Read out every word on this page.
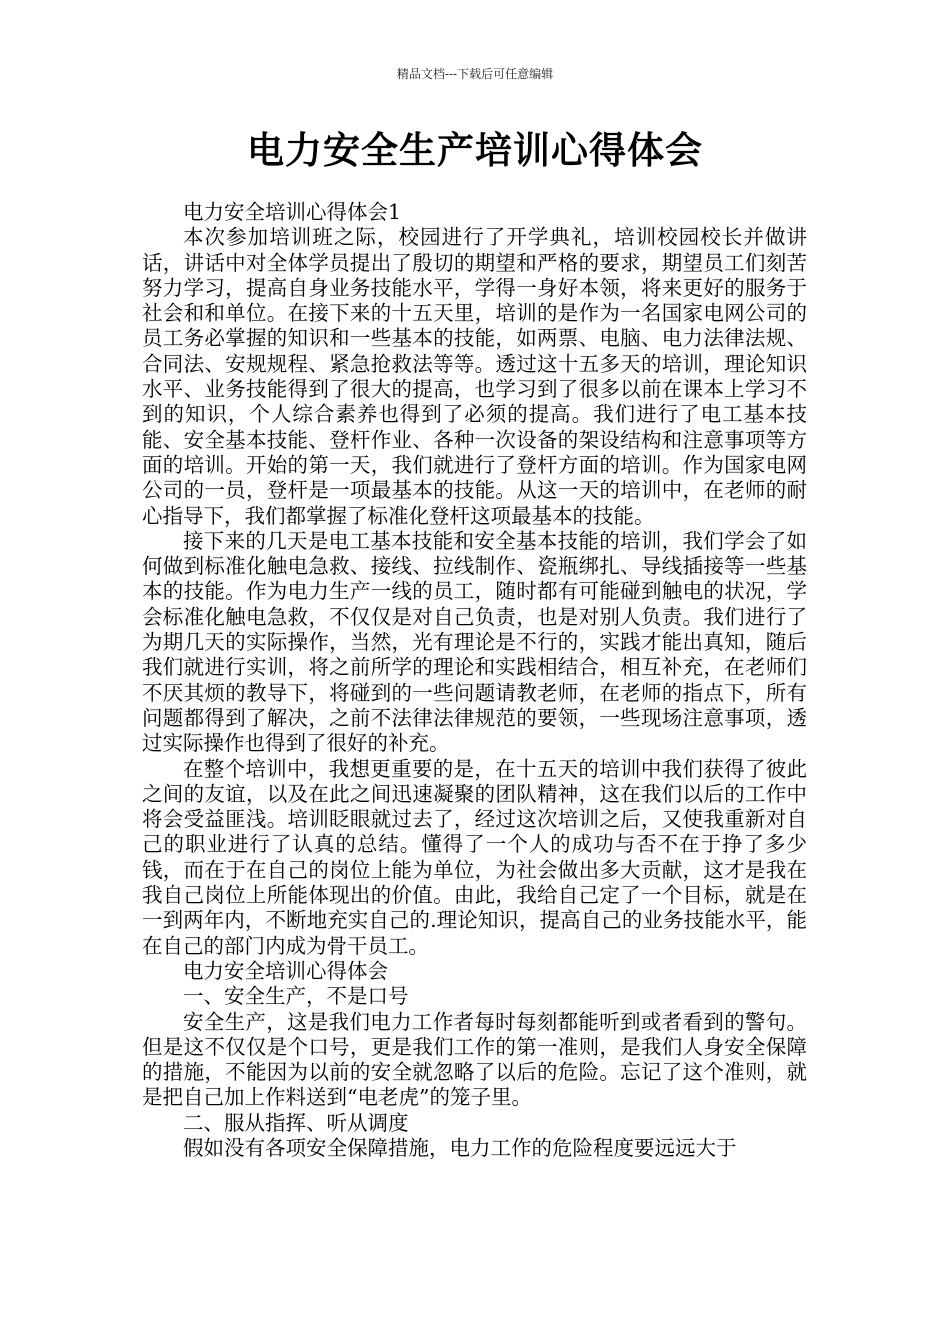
精品文档---下载后可任意编辑
电力安全生产培训心得体会

电力安全培训心得体会1

本次参加培训班之际，校园进行了开学典礼，培训校园校长并做讲话，讲话中对全体学员提出了殷切的期望和严格的要求，期望员工们刻苦努力学习，提高自身业务技能水平，学得一身好本领，将来更好的服务于社会和和单位。在接下来的十五天里，培训的是作为一名国家电网公司的员工务必掌握的知识和一些基本的技能，如两票、电脑、电力法律法规、合同法、安规规程、紧急抢救法等等。透过这十五多天的培训，理论知识水平、业务技能得到了很大的提高，也学习到了很多以前在课本上学习不到的知识，个人综合素养也得到了必须的提高。我们进行了电工基本技能、安全基本技能、登杆作业、各种一次设备的架设结构和注意事项等方面的培训。开始的第一天，我们就进行了登杆方面的培训。作为国家电网公司的一员，登杆是一项最基本的技能。从这一天的培训中，在老师的耐心指导下，我们都掌握了标准化登杆这项最基本的技能。

接下来的几天是电工基本技能和安全基本技能的培训，我们学会了如何做到标准化触电急救、接线、拉线制作、瓷瓶绑扎、导线插接等一些基本的技能。作为电力生产一线的员工，随时都有可能碰到触电的状况，学会标准化触电急救，不仅仅是对自己负责，也是对别人负责。我们进行了为期几天的实际操作，当然，光有理论是不行的，实践才能出真知，随后我们就进行实训，将之前所学的理论和实践相结合，相互补充，在老师们不厌其烦的教导下，将碰到的一些问题请教老师，在老师的指点下，所有问题都得到了解决，之前不法律法律规范的要领，一些现场注意事项，透过实际操作也得到了很好的补充。

在整个培训中，我想更重要的是，在十五天的培训中我们获得了彼此之间的友谊，以及在此之间迅速凝聚的团队精神，这在我们以后的工作中将会受益匪浅。培训眨眼就过去了，经过这次培训之后，又使我重新对自己的职业进行了认真的总结。懂得了一个人的成功与否不在于挣了多少钱，而在于在自己的岗位上能为单位，为社会做出多大贡献，这才是我在我自己岗位上所能体现出的价值。由此，我给自己定了一个目标，就是在一到两年内，不断地充实自己的.理论知识，提高自己的业务技能水平，能在自己的部门内成为骨干员工。

电力安全培训心得体会

一、安全生产，不是口号

安全生产，这是我们电力工作者每时每刻都能听到或者看到的警句。但是这不仅仅是个口号，更是我们工作的第一准则，是我们人身安全保障的措施，不能因为以前的安全就忽略了以后的危险。忘记了这个准则，就是把自己加上作料送到“电老虎”的笼子里。

二、服从指挥、听从调度

假如没有各项安全保障措施，电力工作的危险程度要远远大于
